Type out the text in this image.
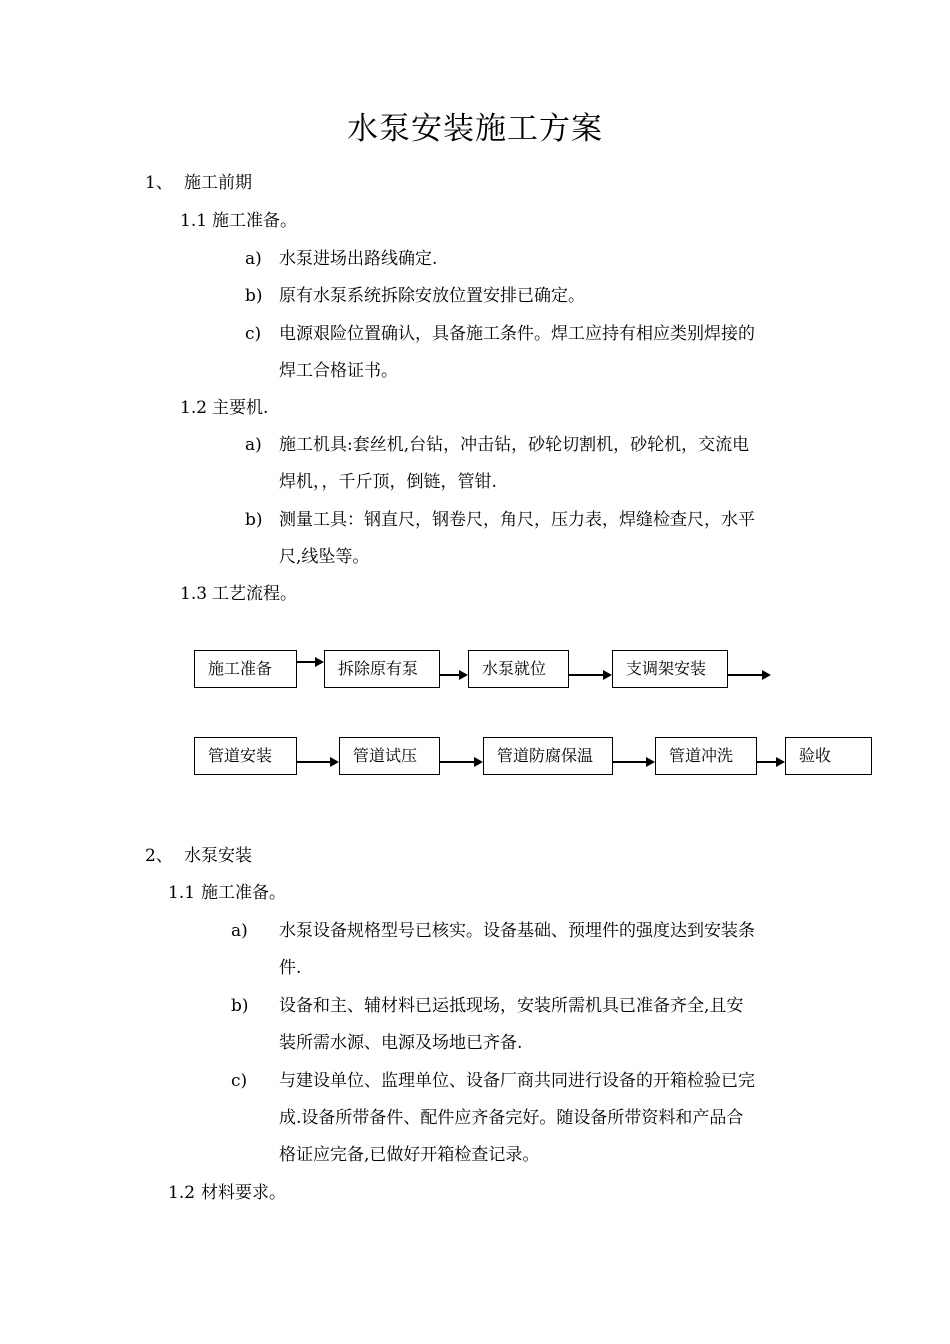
水泵安装施工方案
1、 施工前期
1.1 施工准备。
a) 水泵进场出路线确定.
b) 原有水泵系统拆除安放位置安排已确定。
c) 电源艰险位置确认，具备施工条件。焊工应持有相应类别焊接的
焊工合格证书。
1.2 主要机.
a) 施工机具:套丝机,台钻，冲击钻，砂轮切割机，砂轮机，交流电
焊机，，千斤顶，倒链，管钳.
b) 测量工具：钢直尺，钢卷尺，角尺，压力表，焊缝检查尺，水平
尺,线坠等。
1.3 工艺流程。
施工准备	拆除原有泵	水泵就位	支调架安装
管道安装	管道试压	管道防腐保温	管道冲洗	验收
2、 水泵安装
1.1 施工准备。
a) 水泵设备规格型号已核实。设备基础、预埋件的强度达到安装条
件.
b) 设备和主、辅材料已运抵现场，安装所需机具已准备齐全,且安
装所需水源、电源及场地已齐备.
c) 与建设单位、监理单位、设备厂商共同进行设备的开箱检验已完
成.设备所带备件、配件应齐备完好。随设备所带资料和产品合
格证应完备,已做好开箱检查记录。
1.2 材料要求。
